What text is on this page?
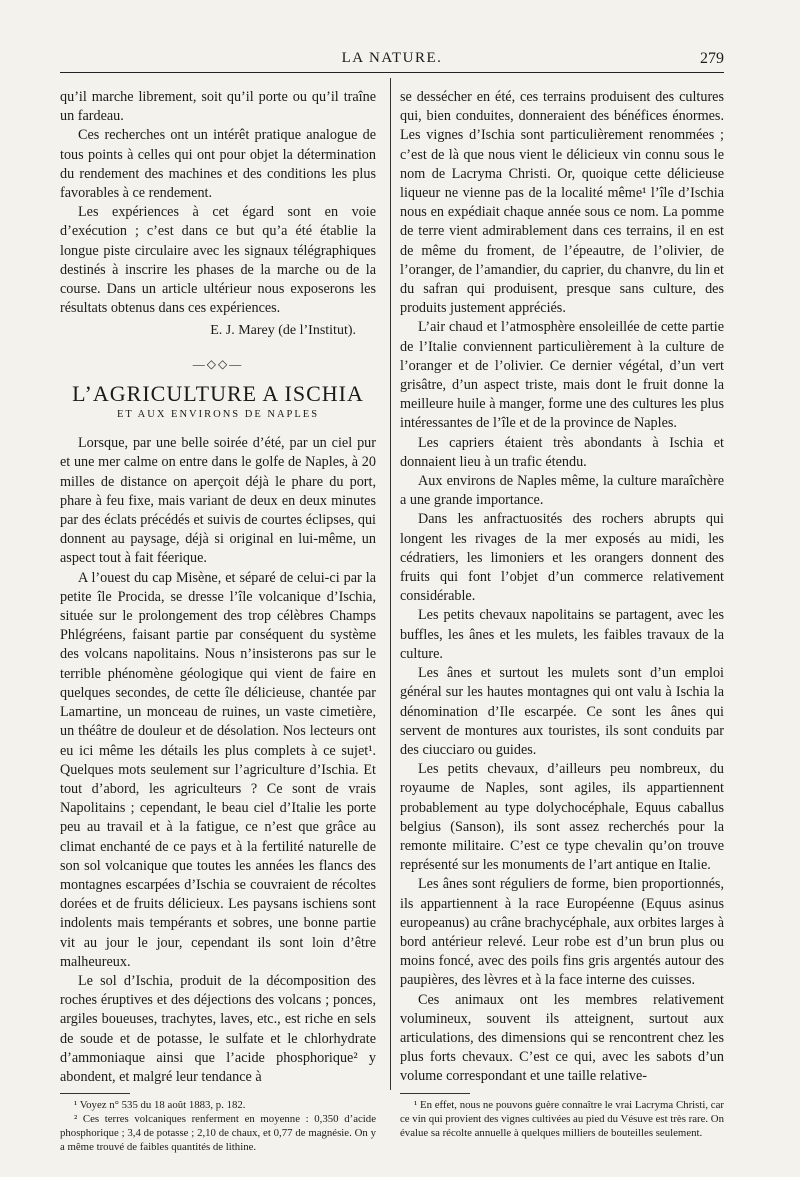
LA NATURE.	279

qu’il marche librement, soit qu’il porte ou qu’il traîne un fardeau.

Ces recherches ont un intérêt pratique analogue de tous points à celles qui ont pour objet la détermination du rendement des machines et des conditions les plus favorables à ce rendement.

Les expériences à cet égard sont en voie d’exécution ; c’est dans ce but qu’a été établie la longue piste circulaire avec les signaux télégraphiques destinés à inscrire les phases de la marche ou de la course. Dans un article ultérieur nous exposerons les résultats obtenus dans ces expériences.

E. J. Marey (de l’Institut).
—◇◇—
L’AGRICULTURE A ISCHIA
ET AUX ENVIRONS DE NAPLES

Lorsque, par une belle soirée d’été, par un ciel pur et une mer calme on entre dans le golfe de Naples, à 20 milles de distance on aperçoit déjà le phare du port, phare à feu fixe, mais variant de deux en deux minutes par des éclats précédés et suivis de courtes éclipses, qui donnent au paysage, déjà si original en lui-même, un aspect tout à fait féerique.

A l’ouest du cap Misène, et séparé de celui-ci par la petite île Procida, se dresse l’île volcanique d’Ischia, située sur le prolongement des trop célèbres Champs Phlégréens, faisant partie par conséquent du système des volcans napolitains. Nous n’insisterons pas sur le terrible phénomène géologique qui vient de faire en quelques secondes, de cette île délicieuse, chantée par Lamartine, un monceau de ruines, un vaste cimetière, un théâtre de douleur et de désolation. Nos lecteurs ont eu ici même les détails les plus complets à ce sujet¹. Quelques mots seulement sur l’agriculture d’Ischia. Et tout d’abord, les agriculteurs ? Ce sont de vrais Napolitains ; cependant, le beau ciel d’Italie les porte peu au travail et à la fatigue, ce n’est que grâce au climat enchanté de ce pays et à la fertilité naturelle de son sol volcanique que toutes les années les flancs des montagnes escarpées d’Ischia se couvraient de récoltes dorées et de fruits délicieux. Les paysans ischiens sont indolents mais tempérants et sobres, une bonne partie vit au jour le jour, cependant ils sont loin d’être malheureux.

Le sol d’Ischia, produit de la décomposition des roches éruptives et des déjections des volcans ; ponces, argiles boueuses, trachytes, laves, etc., est riche en sels de soude et de potasse, le sulfate et le chlorhydrate d’ammoniaque ainsi que l’acide phosphorique² y abondent, et malgré leur tendance à

¹ Voyez n° 535 du 18 août 1883, p. 182.

² Ces terres volcaniques renferment en moyenne : 0,350 d’acide phosphorique ; 3,4 de potasse ; 2,10 de chaux, et 0,77 de magnésie. On y a même trouvé de faibles quantités de lithine.

se dessécher en été, ces terrains produisent des cultures qui, bien conduites, donneraient des bénéfices énormes. Les vignes d’Ischia sont particulièrement renommées ; c’est de là que nous vient le délicieux vin connu sous le nom de Lacryma Christi. Or, quoique cette délicieuse liqueur ne vienne pas de la localité même¹ l’île d’Ischia nous en expédiait chaque année sous ce nom. La pomme de terre vient admirablement dans ces terrains, il en est de même du froment, de l’épeautre, de l’olivier, de l’oranger, de l’amandier, du caprier, du chanvre, du lin et du safran qui produisent, presque sans culture, des produits justement appréciés.

L’air chaud et l’atmosphère ensoleillée de cette partie de l’Italie conviennent particulièrement à la culture de l’oranger et de l’olivier. Ce dernier végétal, d’un vert grisâtre, d’un aspect triste, mais dont le fruit donne la meilleure huile à manger, forme une des cultures les plus intéressantes de l’île et de la province de Naples.

Les capriers étaient très abondants à Ischia et donnaient lieu à un trafic étendu.

Aux environs de Naples même, la culture maraîchère a une grande importance.

Dans les anfractuosités des rochers abrupts qui longent les rivages de la mer exposés au midi, les cédratiers, les limoniers et les orangers donnent des fruits qui font l’objet d’un commerce relativement considérable.

Les petits chevaux napolitains se partagent, avec les buffles, les ânes et les mulets, les faibles travaux de la culture.

Les ânes et surtout les mulets sont d’un emploi général sur les hautes montagnes qui ont valu à Ischia la dénomination d’Ile escarpée. Ce sont les ânes qui servent de montures aux touristes, ils sont conduits par des ciucciaro ou guides.

Les petits chevaux, d’ailleurs peu nombreux, du royaume de Naples, sont agiles, ils appartiennent probablement au type dolychocéphale, Equus caballus belgius (Sanson), ils sont assez recherchés pour la remonte militaire. C’est ce type chevalin qu’on trouve représenté sur les monuments de l’art antique en Italie.

Les ânes sont réguliers de forme, bien proportionnés, ils appartiennent à la race Européenne (Equus asinus europeanus) au crâne brachycéphale, aux orbites larges à bord antérieur relevé. Leur robe est d’un brun plus ou moins foncé, avec des poils fins gris argentés autour des paupières, des lèvres et à la face interne des cuisses.

Ces animaux ont les membres relativement volumineux, souvent ils atteignent, surtout aux articulations, des dimensions qui se rencontrent chez les plus forts chevaux. C’est ce qui, avec les sabots d’un volume correspondant et une taille relative-

¹ En effet, nous ne pouvons guère connaître le vrai Lacryma Christi, car ce vin qui provient des vignes cultivées au pied du Vésuve est très rare. On évalue sa récolte annuelle à quelques milliers de bouteilles seulement.
